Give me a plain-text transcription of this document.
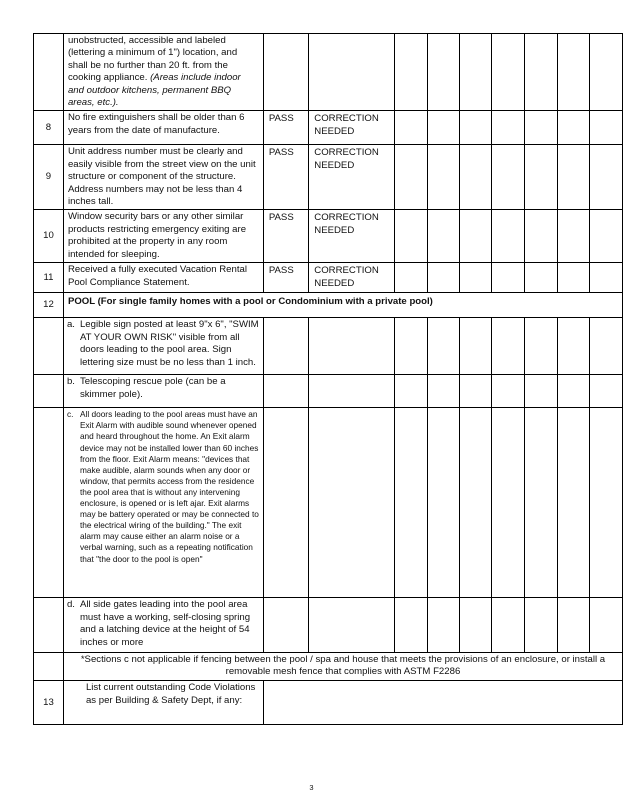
	unobstructed, accessible and labeled (lettering a minimum of 1") location, and shall be no further than 20 ft. from the cooking appliance. (Areas include indoor and outdoor kitchens, permanent BBQ areas, etc.).									
8	No fire extinguishers shall be older than 6 years from the date of manufacture.	PASS	CORRECTION NEEDED							
9	Unit address number must be clearly and easily visible from the street view on the unit structure or component of the structure. Address numbers may not be less than 4 inches tall.	PASS	CORRECTION NEEDED							
10	Window security bars or any other similar products restricting emergency exiting are prohibited at the property in any room intended for sleeping.	PASS	CORRECTION NEEDED							
11	Received a fully executed Vacation Rental Pool Compliance Statement.	PASS	CORRECTION NEEDED							
12	POOL (For single family homes with a pool or Condominium with a private pool)									

	a. Legible sign posted at least 9"x 6", "SWIM AT YOUR OWN RISK" visible from all doors leading to the pool area. Sign lettering size must be no less than 1 inch.									

	b. Telescoping rescue pole (can be a skimmer pole).									

	c. All doors leading to the pool areas must have an Exit Alarm with audible sound whenever opened and heard throughout the home. An Exit alarm device may not be installed lower than 60 inches from the floor. Exit Alarm means: "devices that make audible, alarm sounds when any door or window, that permits access from the residence the pool area that is without any intervening enclosure, is opened or is left ajar. Exit alarms may be battery operated or may be connected to the electrical wiring of the building." The exit alarm may cause either an alarm noise or a verbal warning, such as a repeating notification that "the door to the pool is open"									

	d. All side gates leading into the pool area must have a working, self-closing spring and a latching device at the height of 54 inches or more									

	*Sections c not applicable if fencing between the pool / spa and house that meets the provisions of an enclosure, or install a removable mesh fence that complies with ASTM F2286									
13	List current outstanding Code Violations as per Building & Safety Dept, if any:									
3
